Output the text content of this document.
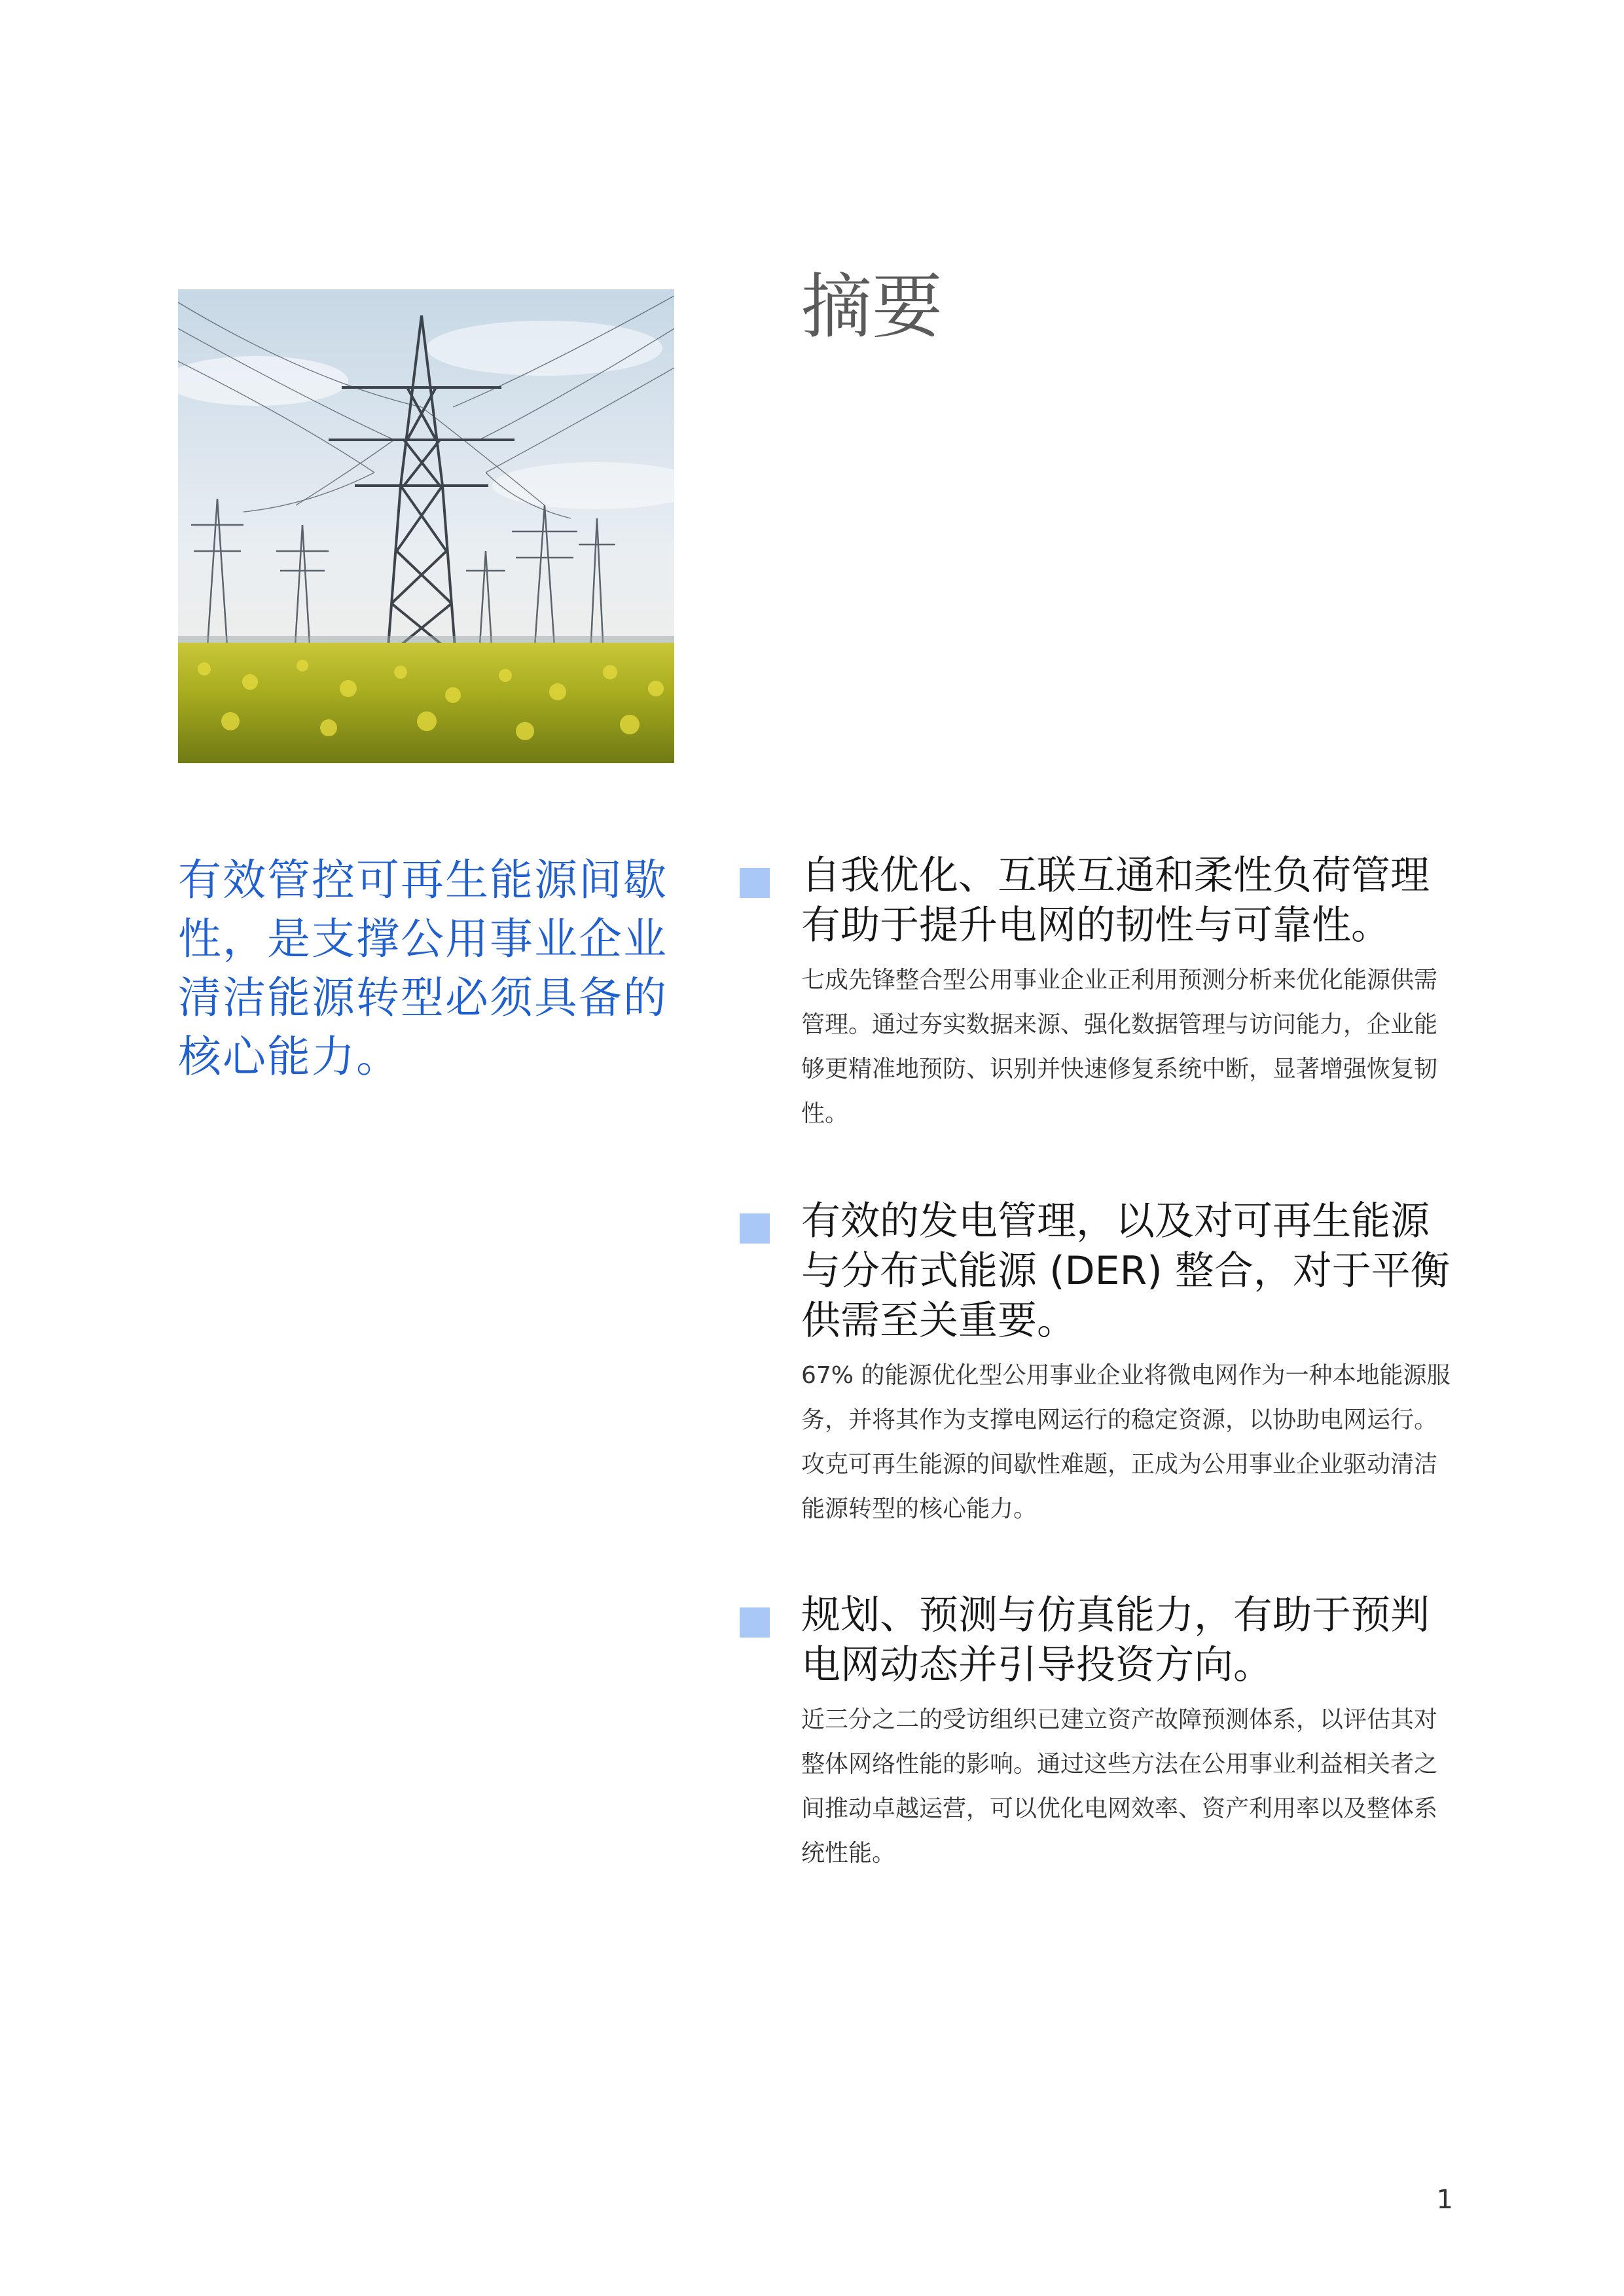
摘要

有效管控可再生能源间歇性，是支撑公用事业企业清洁能源转型必须具备的核心能力。

自我优化、互联互通和柔性负荷管理有助于提升电网的韧性与可靠性。

七成先锋整合型公用事业企业正利用预测分析来优化能源供需管理。通过夯实数据来源、强化数据管理与访问能力，企业能够更精准地预防、识别并快速修复系统中断，显著增强恢复韧性。

有效的发电管理，以及对可再生能源与分布式能源 (DER) 整合，对于平衡供需至关重要。

67% 的能源优化型公用事业企业将微电网作为一种本地能源服务，并将其作为支撑电网运行的稳定资源，以协助电网运行。攻克可再生能源的间歇性难题，正成为公用事业企业驱动清洁能源转型的核心能力。

规划、预测与仿真能力，有助于预判电网动态并引导投资方向。

近三分之二的受访组织已建立资产故障预测体系，以评估其对整体网络性能的影响。通过这些方法在公用事业利益相关者之间推动卓越运营，可以优化电网效率、资产利用率以及整体系统性能。

1
